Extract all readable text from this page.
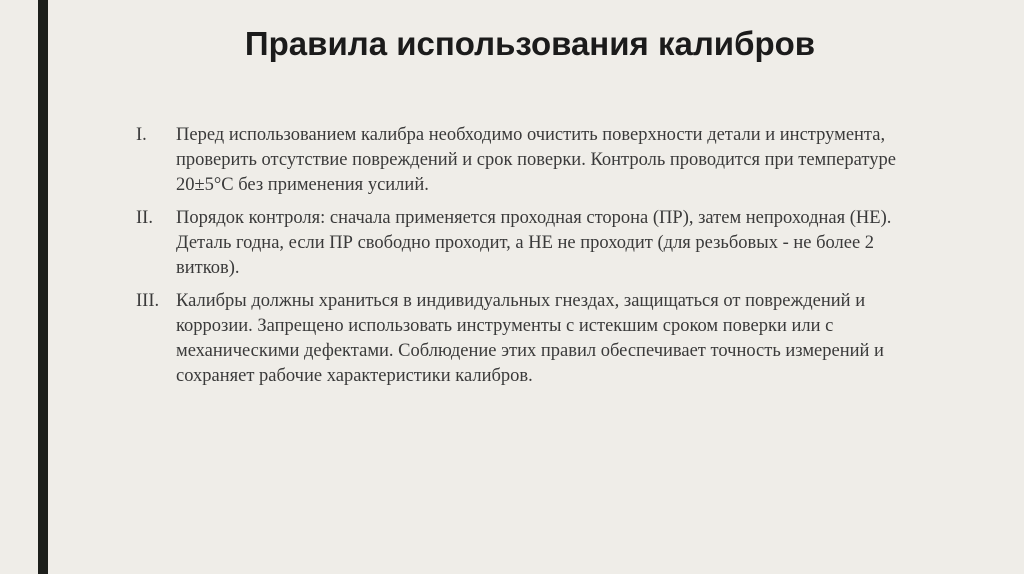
Правила использования калибров
I. Перед использованием калибра необходимо очистить поверхности детали и инструмента, проверить отсутствие повреждений и срок поверки. Контроль проводится при температуре 20±5°C без применения усилий.
II. Порядок контроля: сначала применяется проходная сторона (ПР), затем непроходная (НЕ). Деталь годна, если ПР свободно проходит, а НЕ не проходит (для резьбовых - не более 2 витков).
III. Калибры должны храниться в индивидуальных гнездах, защищаться от повреждений и коррозии. Запрещено использовать инструменты с истекшим сроком поверки или с механическими дефектами. Соблюдение этих правил обеспечивает точность измерений и сохраняет рабочие характеристики калибров.
